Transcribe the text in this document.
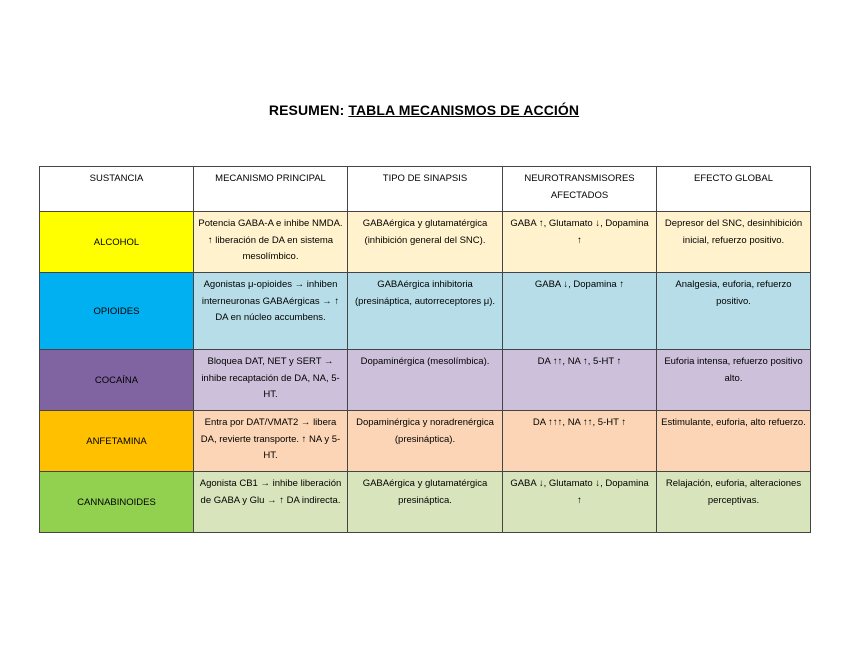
RESUMEN: TABLA MECANISMOS DE ACCIÓN
SUSTANCIA	MECANISMO PRINCIPAL	TIPO DE SINAPSIS	NEUROTRANSMISORES AFECTADOS	EFECTO GLOBAL
ALCOHOL	Potencia GABA-A e inhibe NMDA. ↑ liberación de DA en sistema mesolímbico.	GABAérgica y glutamatérgica (inhibición general del SNC).	GABA ↑, Glutamato ↓, Dopamina ↑	Depresor del SNC, desinhibición inicial, refuerzo positivo.
OPIOIDES	Agonistas μ-opioides → inhiben interneuronas GABAérgicas → ↑ DA en núcleo accumbens.	GABAérgica inhibitoria (presináptica, autorreceptores μ).	GABA ↓, Dopamina ↑	Analgesia, euforia, refuerzo positivo.
COCAÍNA	Bloquea DAT, NET y SERT → inhibe recaptación de DA, NA, 5-HT.	Dopaminérgica (mesolímbica).	DA ↑↑, NA ↑, 5-HT ↑	Euforia intensa, refuerzo positivo alto.
ANFETAMINA	Entra por DAT/VMAT2 → libera DA, revierte transporte. ↑ NA y 5-HT.	Dopaminérgica y noradrenérgica (presináptica).	DA ↑↑↑, NA ↑↑, 5-HT ↑	Estimulante, euforia, alto refuerzo.
CANNABINOIDES	Agonista CB1 → inhibe liberación de GABA y Glu → ↑ DA indirecta.	GABAérgica y glutamatérgica presináptica.	GABA ↓, Glutamato ↓, Dopamina ↑	Relajación, euforia, alteraciones perceptivas.
